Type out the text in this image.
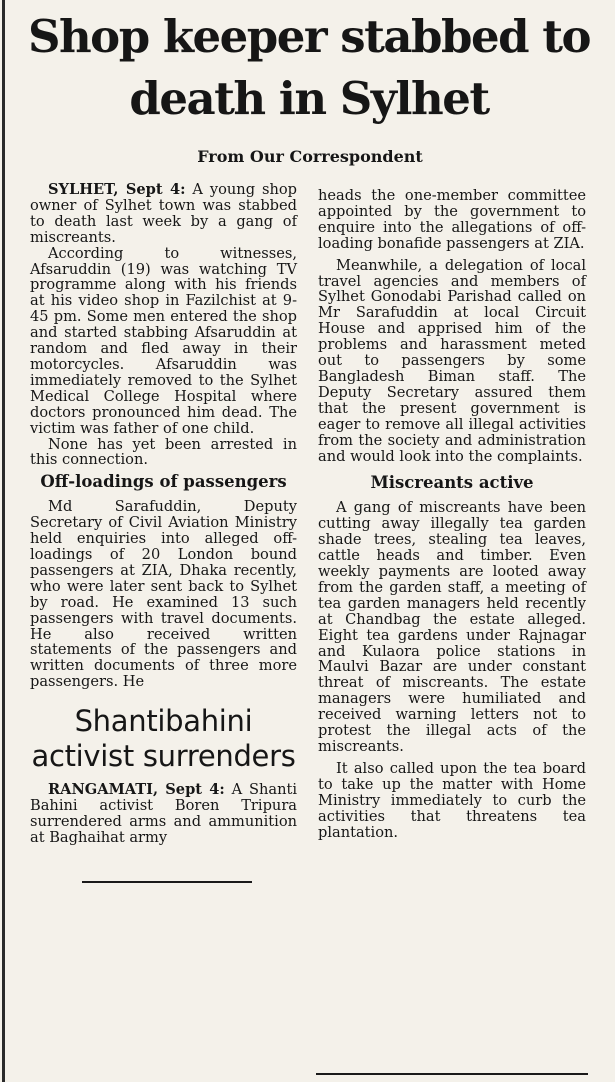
Shop keeper stabbed to death in Sylhet
From Our Correspondent

SYLHET, Sept 4: A young shop owner of Sylhet town was stabbed to death last week by a gang of miscreants.

According to witnesses, Afsaruddin (19) was watching TV programme along with his friends at his video shop in Fazilchist at 9-45 pm. Some men entered the shop and started stabbing Afsaruddin at random and fled away in their motorcycles. Afsaruddin was immediately removed to the Sylhet Medical College Hospital where doctors pronounced him dead. The victim was father of one child.

None has yet been arrested in this connection.

Off-loadings of passengers

Md Sarafuddin, Deputy Secretary of Civil Aviation Ministry held enquiries into alleged off-loadings of 20 London bound passengers at ZIA, Dhaka recently, who were later sent back to Sylhet by road. He examined 13 such passengers with travel documents. He also received written statements of the passengers and written documents of three more passengers. He

Shantibahini activist surrenders

RANGAMATI, Sept 4: A Shanti Bahini activist Boren Tripura surrendered arms and ammunition at Baghaihat army

heads the one-member committee appointed by the government to enquire into the allegations of off-loading bonafide passengers at ZIA.

Meanwhile, a delegation of local travel agencies and members of Sylhet Gonodabi Parishad called on Mr Sarafuddin at local Circuit House and apprised him of the problems and harassment meted out to passengers by some Bangladesh Biman staff. The Deputy Secretary assured them that the present government is eager to remove all illegal activities from the society and administration and would look into the complaints.

Miscreants active

A gang of miscreants have been cutting away illegally tea garden shade trees, stealing tea leaves, cattle heads and timber. Even weekly payments are looted away from the garden staff, a meeting of tea garden managers held recently at Chandbag the estate alleged. Eight tea gardens under Rajnagar and Kulaora police stations in Maulvi Bazar are under constant threat of miscreants. The estate managers were humiliated and received warning letters not to protest the illegal acts of the miscreants.

It also called upon the tea board to take up the matter with Home Ministry immediately to curb the activities that threatens tea plantation.
